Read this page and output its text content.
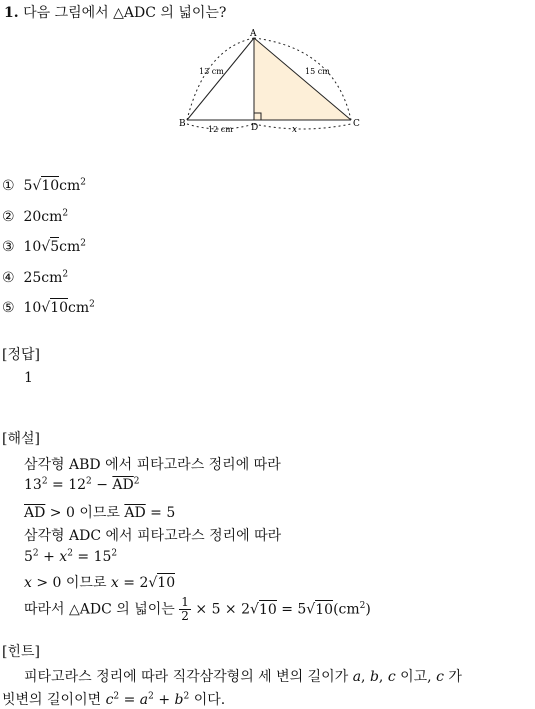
1. 다음 그림에서 △ADC 의 넓이는?
A
B	C
D
13 cm	15 cm
12 cm	x
① $5√10cm^2$
② $20cm^2$
③ $10√5cm^2$
④ $25cm^2$
⑤ $10√10cm^2$
[정답]
1
[해설]
삼각형 ABD 에서 피타고라스 정리에 따라
$13^2 = 12^2 - \overline{AD}^2$
$\overline{AD} > 0$ 이므로 $\overline{AD} = 5$
삼각형 ADC 에서 피타고라스 정리에 따라
$5^2 + x^2 = 15^2$
x > 0 이므로 x = 2√10
따라서 △ADC 의 넓이는 $\frac{1}{2} \times 5 \times 2√10 = 5√10(cm^2)$
[힌트]
피타고라스 정리에 따라 직각삼각형의 세 변의 길이가 a, b, c 이고, c 가
빗변의 길이이면 $c^2 = a^2 + b^2$ 이다.
